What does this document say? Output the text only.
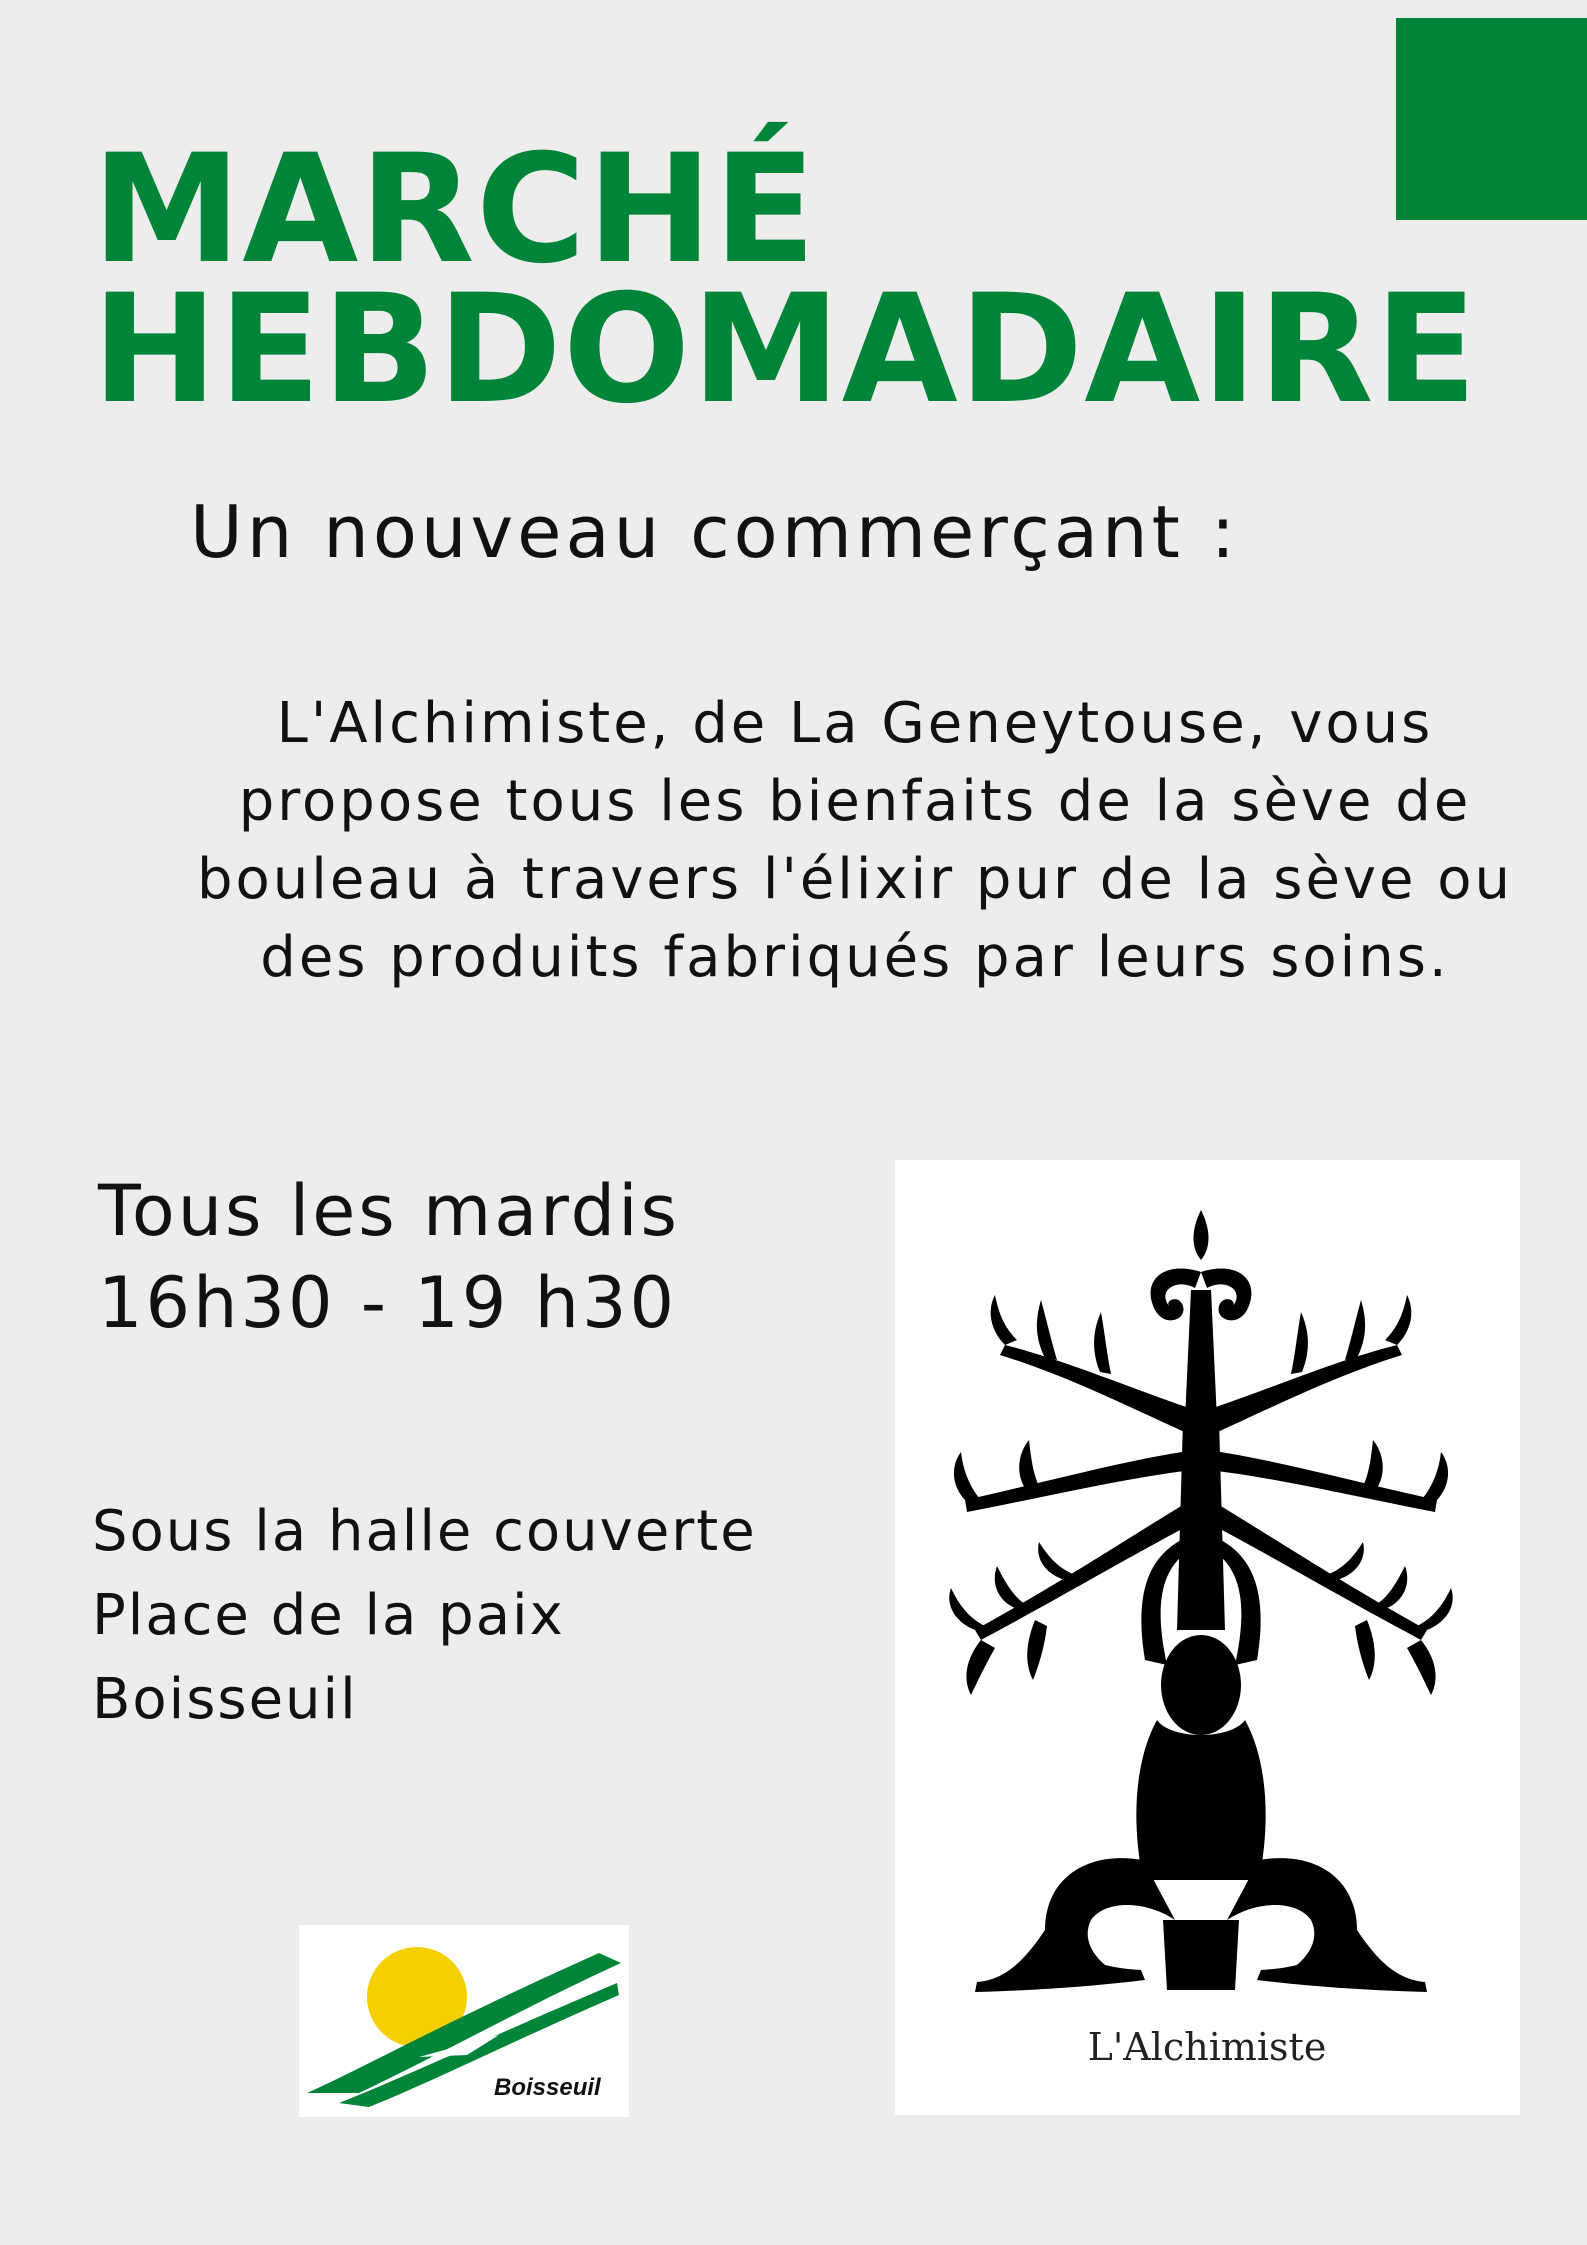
MARCHÉ
HEBDOMADAIRE
Un nouveau commerçant :
L'Alchimiste, de La Geneytouse, vous propose tous les bienfaits de la sève de bouleau à travers l'élixir pur de la sève ou des produits fabriqués par leurs soins.
Tous les mardis
16h30 - 19 h30
Sous la halle couverte
Place de la paix
Boisseuil
Boisseuil
L'Alchimiste
